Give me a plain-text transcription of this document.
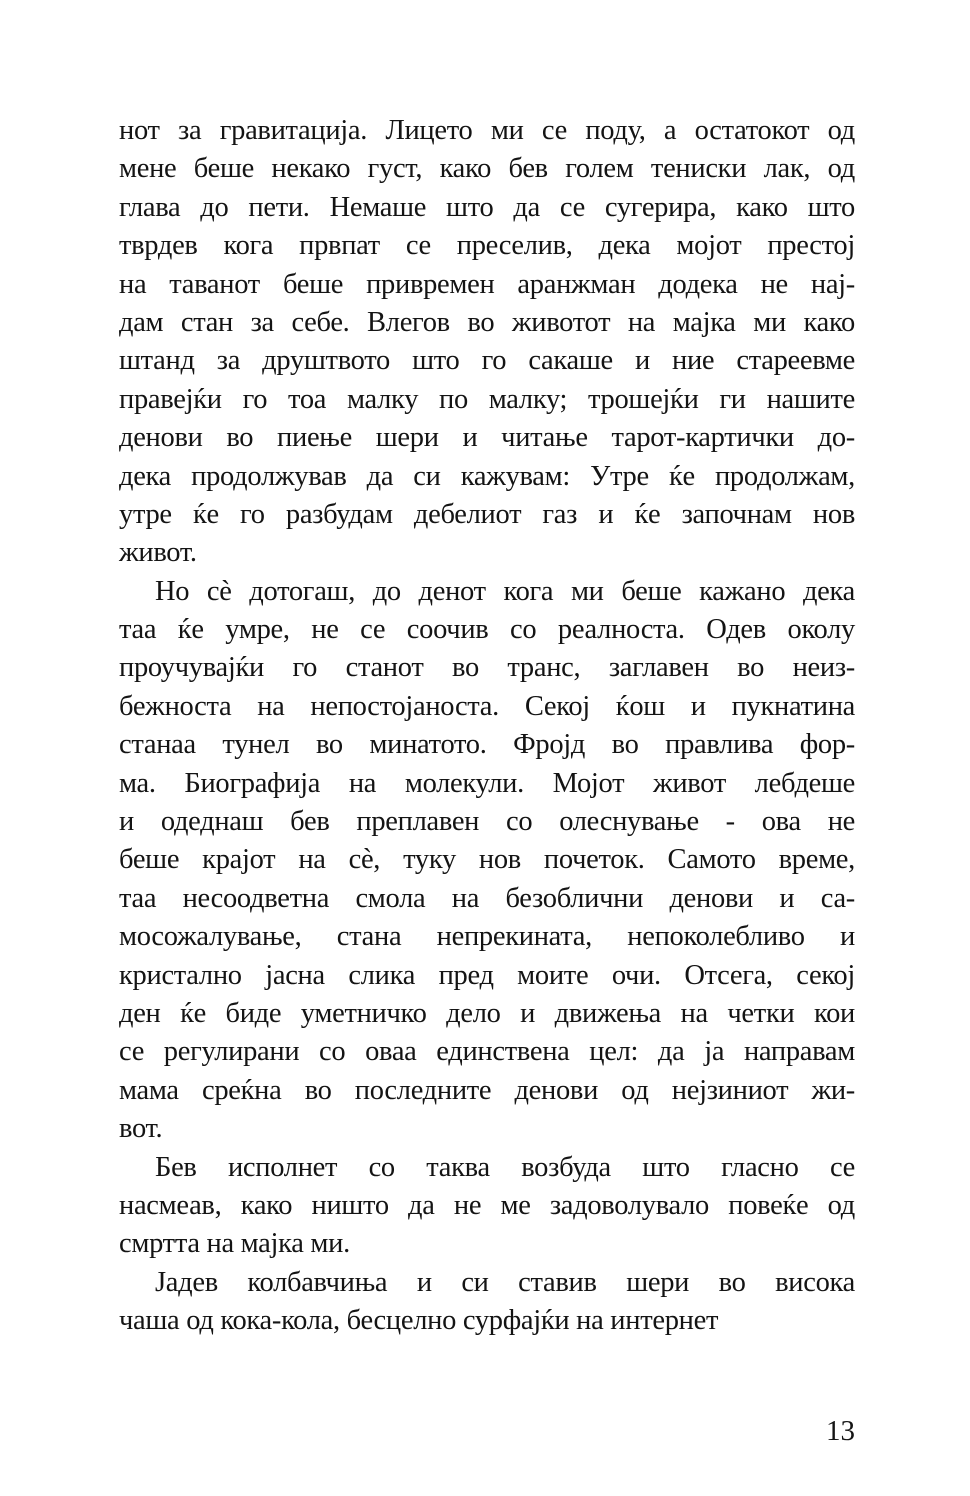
нот за гравитација. Лицето ми се поду, а остатокот од
мене беше некако густ, како бев голем тениски лак, од
глава до пети. Немаше што да се сугерира, како што
тврдев кога првпат се преселив, дека мојот престој
на таванот беше привремен аранжман додека не нај-
дам стан за себе. Влегов во животот на мајка ми како
штанд за друштвото што го сакаше и ние стареевме
правејќи го тоа малку по малку; трошејќи ги нашите
денови во пиење шери и читање тарот-картички до-
дека продолжував да си кажувам: Утре ќе продолжам,
утре ќе го разбудам дебелиот газ и ќе започнам нов
живот.
Но сè дотогаш, до денот кога ми беше кажано дека
таа ќе умре, не се соочив со реалноста. Одев околу
проучувајќи го станот во транс, заглавен во неиз-
бежноста на непостојаноста. Секој ќош и пукнатина
станаа тунел во минатото. Фројд во правлива фор-
ма. Биографија на молекули. Мојот живот лебдеше
и одеднаш бев преплавен со олеснување - ова не
беше крајот на сè, туку нов почеток. Самото време,
таа несоодветна смола на безоблични денови и са-
мосожалување, стана непрекината, непоколебливо и
кристално јасна слика пред моите очи. Отсега, секој
ден ќе биде уметничко дело и движења на четки кои
се регулирани со оваа единствена цел: да ја направам
мама среќна во последните денови од нејзиниот жи-
вот.
Бев исполнет со таква возбуда што гласно се
насмеав, како ништо да не ме задоволувало повеќе од
смртта на мајка ми.
Јадев колбавчиња и си ставив шери во висока
чаша од кока-кола, бесцелно сурфајќи на интернет
13
